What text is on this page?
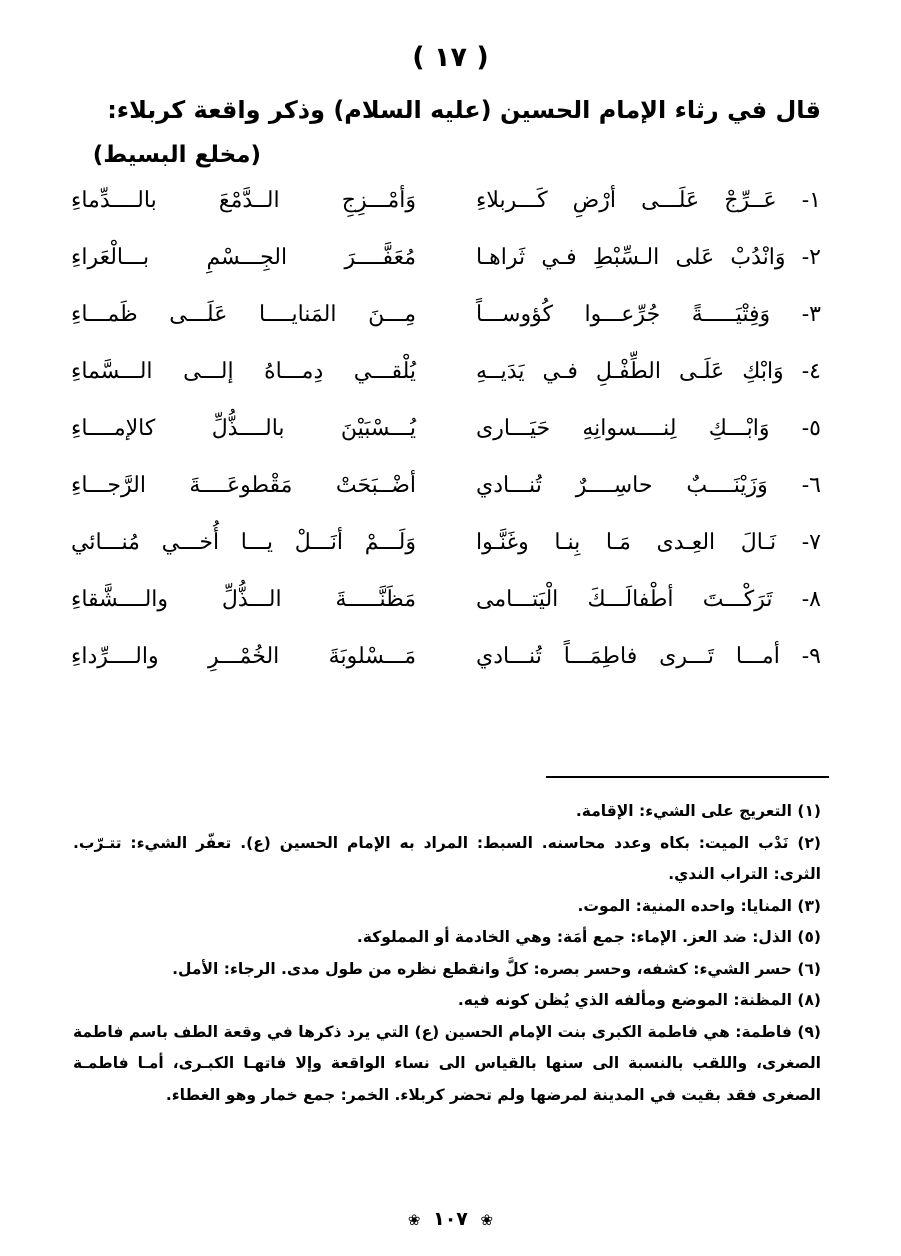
( ١٧ )
قال في رثاء الإمام الحسين (عليه السلام) وذكر واقعة كربلاء:
(مخلع البسيط)
١- عَــرِّجْ عَلَـــى أرْضِ كَـــربلاءِ
وَأمْـــزِجِ الــدَّمْعَ بالــــدِّماءِ
٢- وَانْدُبْ عَلى الـسِّبْطِ فـي ثَراهـا
مُعَفَّــــرَ الجِـــسْمِ بـــالْعَراءِ
٣- وَفِتْيَـــــةً جُرِّعـــوا كُؤوســـاً
مِـــنَ المَنايــــا عَلَـــى ظَمـــاءِ
٤- وَابْكِ عَلَـى الطِّفْـلِ فـي يَدَيــهِ
يُلْقـــي دِمـــاهُ إلـــى الـــسَّماءِ
٥- وَابْـــكِ لِنــــسوانِهِ حَيَـــارى
يُـــسْبَيْنَ بالــــذُّلِّ كالإمــــاءِ
٦- وَزَيْنَــــبٌ حاسِــــرٌ تُنـــادي
أضْــبَحَتْ مَقْطوعَــــةَ الرَّجـــاءِ
٧- نَـالَ العِـدى مَـا بِنـا وغَنَّـوا
وَلَـــمْ أنَـــلْ يـــا أُخـــي مُنـــائي
٨- تَرَكْـــتَ أطْفالَـــكَ الْيَتـــامى
مَظَنَّـــــةَ الـــذُّلِّ والــــشَّقاءِ
٩- أمـــا تَـــرى فاطِمَـــاً تُنـــادي
مَـــسْلوبَةَ الخُمْـــرِ والــــرِّداءِ

(١) التعريج على الشيء: الإقامة.

(٢) نَدْب الميت: بكاه وعدد محاسنه. السبط: المراد به الإمام الحسين (ع). تعفّر الشيء: تتـرّب. الثرى: التراب الندي.

(٣) المنايا: واحده المنية: الموت.

(٥) الذل: ضد العز. الإماء: جمع أمَة: وهي الخادمة أو المملوكة.

(٦) حسر الشيء: كشفه، وحسر بصره: كلَّ وانقطع نظره من طول مدى. الرجاء: الأمل.

(٨) المظنة: الموضع ومألفه الذي يُظن كونه فيه.

(٩) فاطمة: هي فاطمة الكبرى بنت الإمام الحسين (ع) التي يرد ذكرها في وقعة الطف باسم فاطمة الصغرى، واللقب بالنسبة الى سنها بالقياس الى نساء الواقعة وإلا فاتهـا الكبـرى، أمـا فاطمـة الصغرى فقد بقيت في المدينة لمرضها ولم تحضر كربلاء. الخمر: جمع خمار وهو الغطاء.

❀ ١٠٧ ❀
